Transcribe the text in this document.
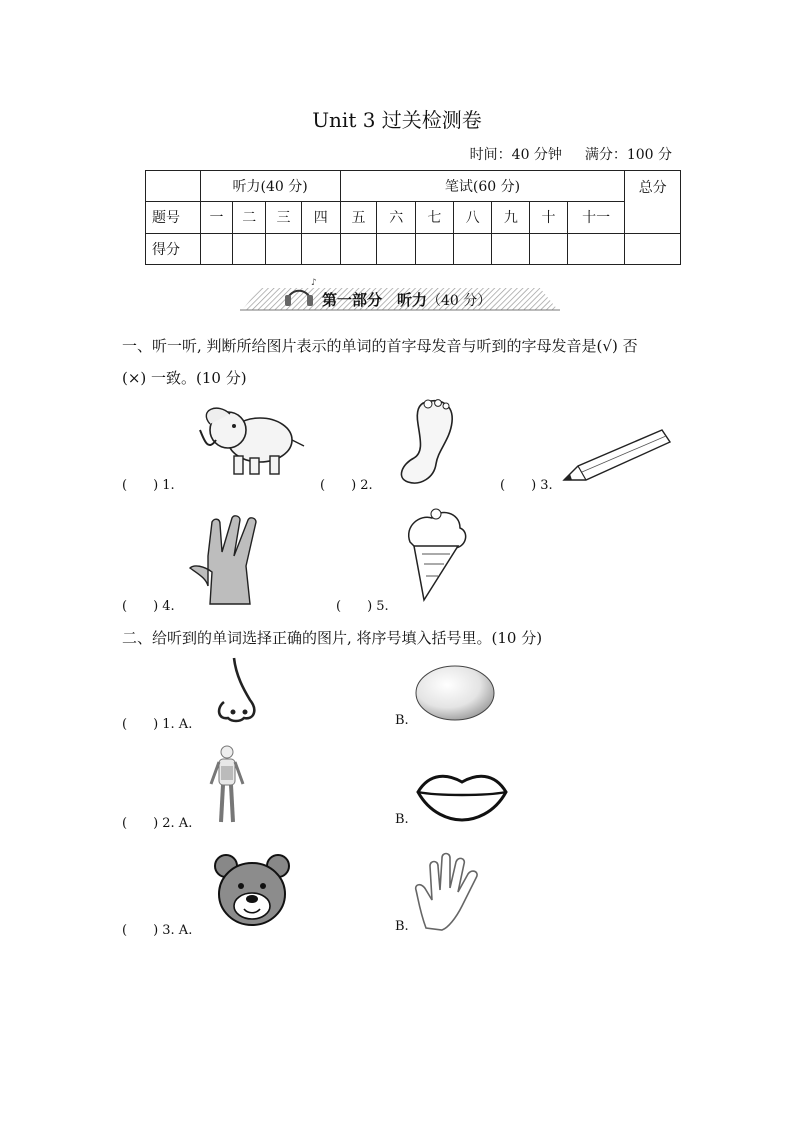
Unit 3 过关检测卷
时间：40 分钟 满分：100 分
	听力(40 分)				笔试(60 分)							总分
题号	一	二	三	四	五	六	七	八	九	十	十一	
得分												
♪
第一部分　听力（40 分）
一、听一听, 判断所给图片表示的单词的首字母发音与听到的字母发音是(√) 否
(×) 一致。(10 分)
(　　) 1.	(　　) 2.	(　　) 3.
(　　) 4.	(　　) 5.
二、给听到的单词选择正确的图片, 将序号填入括号里。(10 分)
(　　) 1. A.	B.
(　　) 2. A.	B.
(　　) 3. A.	B.
